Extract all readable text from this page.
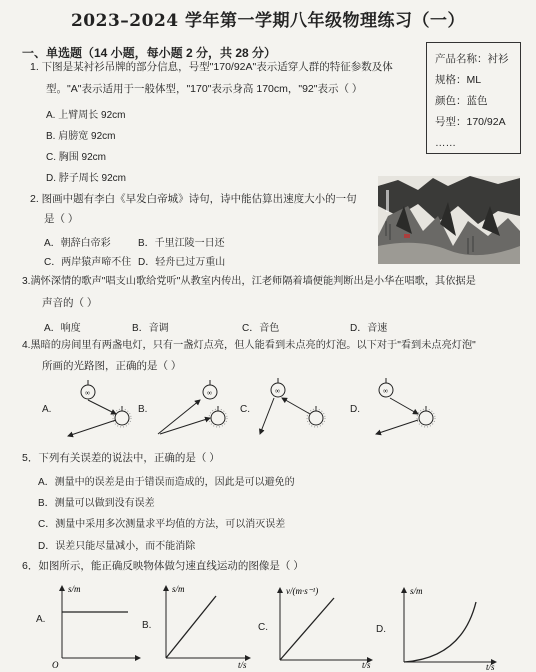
2023–2024 学年第一学期八年级物理练习（一）
一、单选题（14 小题，每小题 2 分，共 28 分）	产品名称：衬衫
规格：ML
颜色：蓝色
号型：170/92A
……
1. 下图是某衬衫吊牌的部分信息，号型"170/92A"表示适穿人群的特征参数及体
型。"A"表示适用于一般体型，"170"表示身高 170cm，"92"表示（ ）
A. 上臂周长 92cm
B. 肩膀宽 92cm
C. 胸围 92cm
D. 脖子周长 92cm
2. 图画中题有李白《早发白帝城》诗句，诗中能估算出速度大小的一句
是（ ）
A．朝辞白帝彩	B．千里江陵一日还
C．两岸猿声啼不住 D．轻舟已过万重山
3.满怀深情的歌声"唱支山歌给党听"从教室内传出，江老师隔着墙便能判断出是小华在唱歌，其依据是
声音的（ ）
A．响度	B．音调	C．音色	D．音速
4.黑暗的房间里有两盏电灯，只有一盏灯点亮，但人能看到未点亮的灯泡。以下对于"看到未点亮灯泡"
所画的光路图，正确的是（ ）
A.	B.	C.	D.
∞	∞	∞	∞
5．下列有关误差的说法中，正确的是（ ）
A．测量中的误差是由于错误而造成的，因此是可以避免的
B．测量可以做到没有误差
C．测量中采用多次测量求平均值的方法，可以消灭误差
D．误差只能尽量减小，而不能消除
6．如图所示，能正确反映物体做匀速直线运动的图像是（ ）
A.
B.	C.	D.
s/m
O
s/m
t/s
v/(m·s⁻¹)
t/s
s/m
t/s
